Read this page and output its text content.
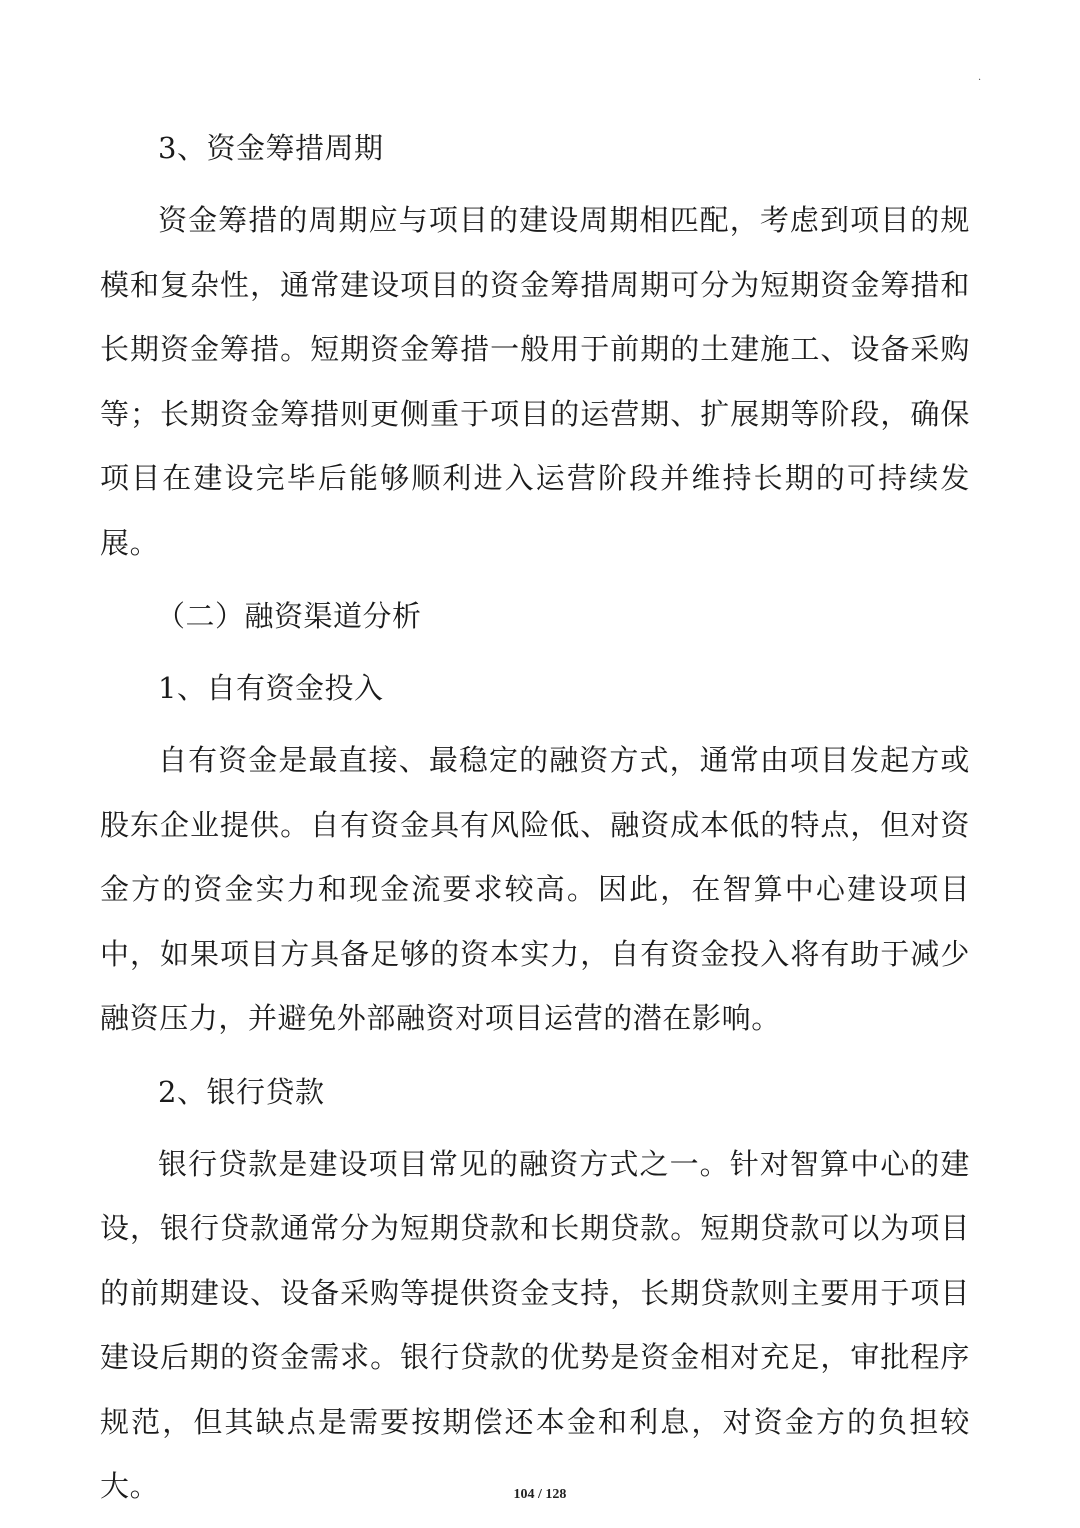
·

3、资金筹措周期

资金筹措的周期应与项目的建设周期相匹配，考虑到项目的规模和复杂性，通常建设项目的资金筹措周期可分为短期资金筹措和长期资金筹措。短期资金筹措一般用于前期的土建施工、设备采购等；长期资金筹措则更侧重于项目的运营期、扩展期等阶段，确保项目在建设完毕后能够顺利进入运营阶段并维持长期的可持续发展。

（二）融资渠道分析

1、自有资金投入

自有资金是最直接、最稳定的融资方式，通常由项目发起方或股东企业提供。自有资金具有风险低、融资成本低的特点，但对资金方的资金实力和现金流要求较高。因此，在智算中心建设项目中，如果项目方具备足够的资本实力，自有资金投入将有助于减少融资压力，并避免外部融资对项目运营的潜在影响。

2、银行贷款

银行贷款是建设项目常见的融资方式之一。针对智算中心的建设，银行贷款通常分为短期贷款和长期贷款。短期贷款可以为项目的前期建设、设备采购等提供资金支持，长期贷款则主要用于项目建设后期的资金需求。银行贷款的优势是资金相对充足，审批程序规范，但其缺点是需要按期偿还本金和利息，对资金方的负担较大。	104 / 128
